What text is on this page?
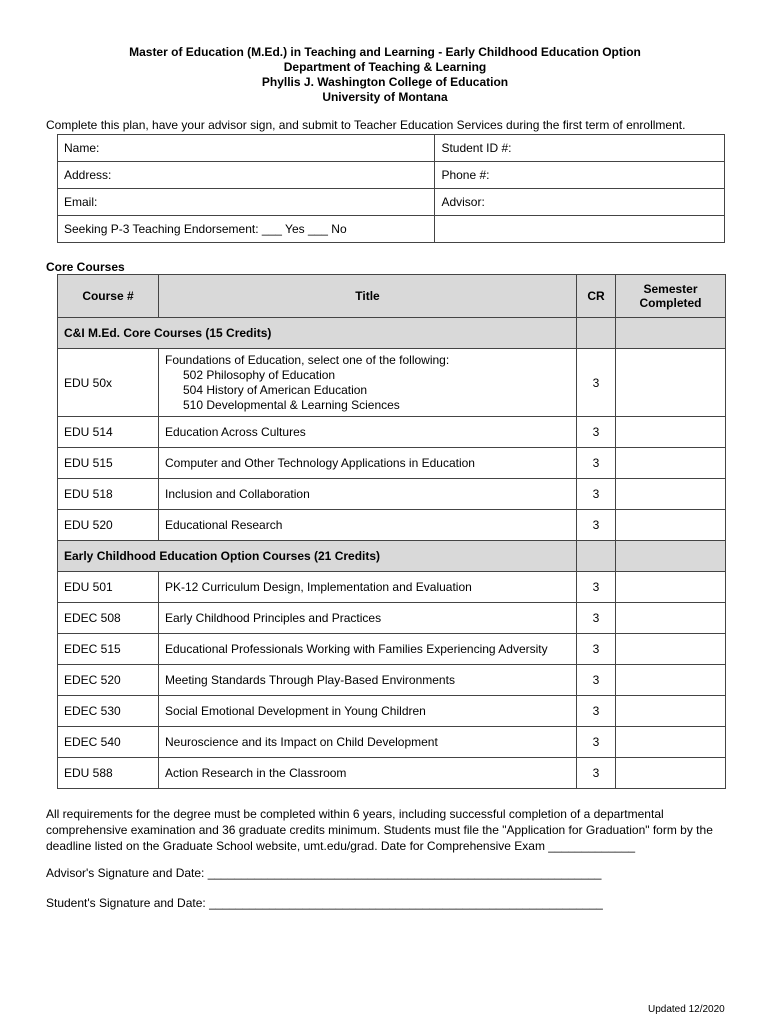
Master of Education (M.Ed.) in Teaching and Learning - Early Childhood Education Option
Department of Teaching & Learning
Phyllis J. Washington College of Education
University of Montana
Complete this plan, have your advisor sign, and submit to Teacher Education Services during the first term of enrollment.
Name:	Student ID #:
Address:	Phone #:
Email:	Advisor:
Seeking P-3 Teaching Endorsement: ___ Yes ___ No	
Core Courses
Course #	Title	CR	Semester Completed
C&I M.Ed. Core Courses (15 Credits)			
EDU 50x	Foundations of Education, select one of the following:
502 Philosophy of Education
504 History of American Education
510 Developmental & Learning Sciences	3	
EDU 514	Education Across Cultures	3	
EDU 515	Computer and Other Technology Applications in Education	3	
EDU 518	Inclusion and Collaboration	3	
EDU 520	Educational Research	3	
Early Childhood Education Option Courses (21 Credits)			
EDU 501	PK-12 Curriculum Design, Implementation and Evaluation	3	
EDEC 508	Early Childhood Principles and Practices	3	
EDEC 515	Educational Professionals Working with Families Experiencing Adversity	3	
EDEC 520	Meeting Standards Through Play-Based Environments	3	
EDEC 530	Social Emotional Development in Young Children	3	
EDEC 540	Neuroscience and its Impact on Child Development	3	
EDU 588	Action Research in the Classroom	3	
All requirements for the degree must be completed within 6 years, including successful completion of a departmental comprehensive examination and 36 graduate credits minimum. Students must file the "Application for Graduation" form by the deadline listed on the Graduate School website, umt.edu/grad. Date for Comprehensive Exam _____________
Advisor's Signature and Date: ___________________________________________________________
Student's Signature and Date: ___________________________________________________________
Updated 12/2020
